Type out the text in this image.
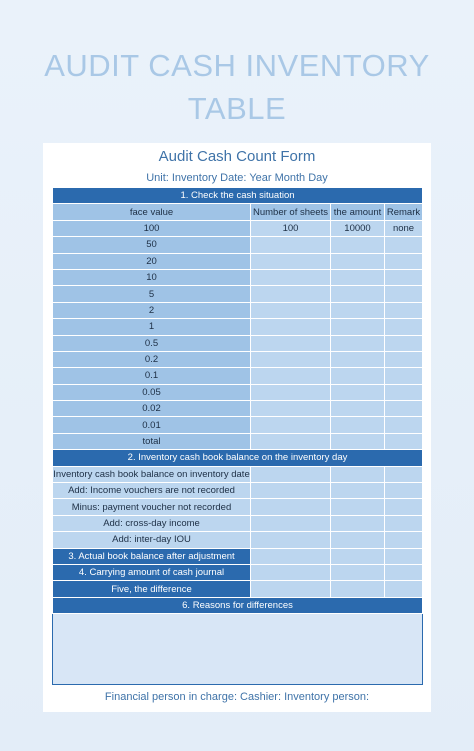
AUDIT CASH INVENTORY
TABLE
Audit Cash Count Form
Unit: Inventory Date: Year Month Day
1. Check the cash situation			
face value	Number of sheets	the amount	Remark
100	100	10000	none
50			
20			
10			
5			
2			
1			
0.5			
0.2			
0.1			
0.05			
0.02			
0.01			
total			
2. Inventory cash book balance on the inventory day			
Inventory cash book balance on inventory date			
Add: Income vouchers are not recorded			
Minus: payment voucher not recorded			
Add: cross-day income			
Add: inter-day IOU			
3. Actual book balance after adjustment			
4. Carrying amount of cash journal			
Five, the difference			
6. Reasons for differences			

Financial person in charge: Cashier: Inventory person:
